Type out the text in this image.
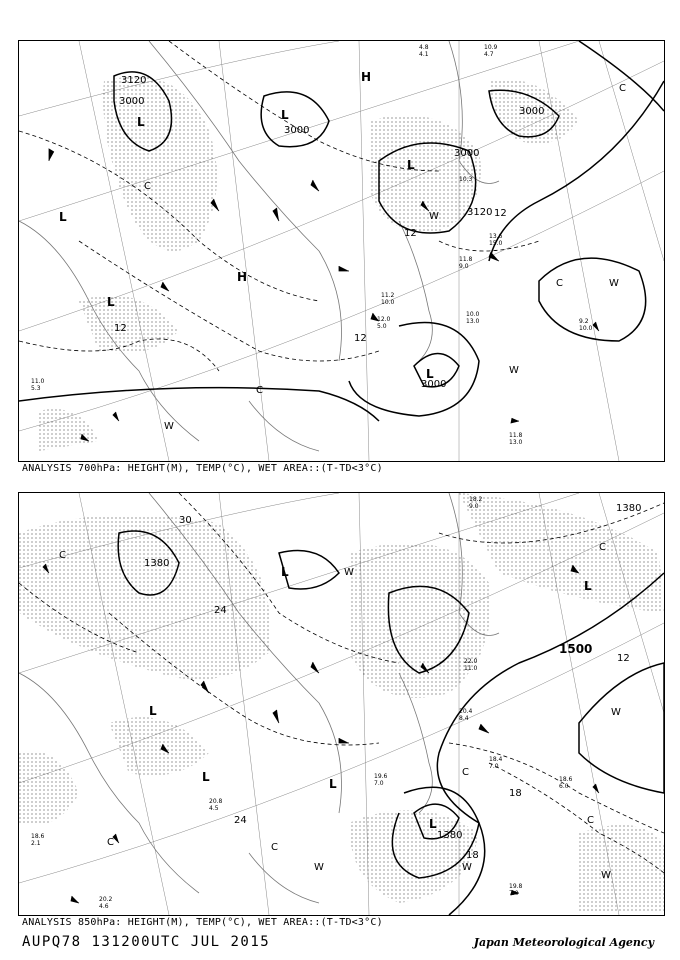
3000
3000
3000
3000
3120
3120
3000
12
12
12
12
L	L
L
L
L
L
H
H
W
W
W
W
C
C
C
C
11.8
13.0
9.2
10.0
10.0
13.0
11.0
5.3
11.2
10.0
12.0
5.0
13.6
15.0
10.3
11.8
9.0
10.9
4.7
4.8
4.1
ANALYSIS 700hPa: HEIGHT(M), TEMP(°C), WET AREA::(T-TD<3°C)
1380
1380
1500
1380
30
24
18
12
18
24
L
L	L
L
L
L
W
W
W
W
W
C
C
C
C
C
C
18.2
9.0
19.8
7.0
18.6
6.0
20.4
8.4
19.6
7.0
20.8
4.5
18.6
2.1
20.2
4.6
22.0
11.0
18.4
7.0
ANALYSIS 850hPa: HEIGHT(M), TEMP(°C), WET AREA::(T-TD<3°C)
AUPQ78 131200UTC JUL 2015	Japan Meteorological Agency
